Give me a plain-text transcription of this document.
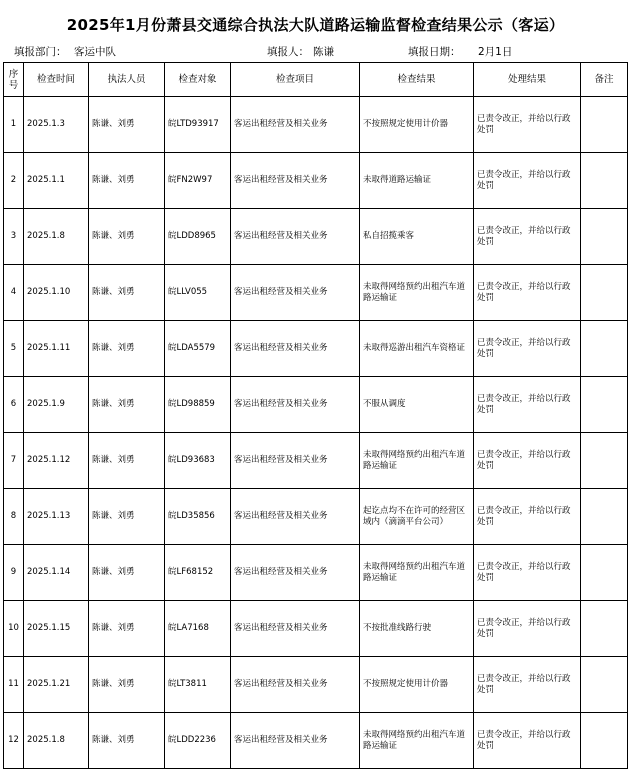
2025年1月份萧县交通综合执法大队道路运输监督检查结果公示（客运）
填报部门： 客运中队	填报人： 陈谦	填报日期： 2月1日
序号	检查时间	执法人员	检查对象	检查项目	检查结果	处理结果	备注
1	2025.1.3	陈谦、刘勇	皖LTD93917	客运出租经营及相关业务	不按照规定使用计价器	已责令改正，并给以行政处罚	
2	2025.1.1	陈谦、刘勇	皖FN2W97	客运出租经营及相关业务	未取得道路运输证	已责令改正，并给以行政处罚	
3	2025.1.8	陈谦、刘勇	皖LDD8965	客运出租经营及相关业务	私自招揽乘客	已责令改正，并给以行政处罚	
4	2025.1.10	陈谦、刘勇	皖LLV055	客运出租经营及相关业务	未取得网络预约出租汽车道路运输证	已责令改正，并给以行政处罚	
5	2025.1.11	陈谦、刘勇	皖LDA5579	客运出租经营及相关业务	未取得巡游出租汽车资格证	已责令改正，并给以行政处罚	
6	2025.1.9	陈谦、刘勇	皖LD98859	客运出租经营及相关业务	不服从调度	已责令改正，并给以行政处罚	
7	2025.1.12	陈谦、刘勇	皖LD93683	客运出租经营及相关业务	未取得网络预约出租汽车道路运输证	已责令改正，并给以行政处罚	
8	2025.1.13	陈谦、刘勇	皖LD35856	客运出租经营及相关业务	起讫点均不在许可的经营区域内（滴滴平台公司）	已责令改正，并给以行政处罚	
9	2025.1.14	陈谦、刘勇	皖LF68152	客运出租经营及相关业务	未取得网络预约出租汽车道路运输证	已责令改正，并给以行政处罚	
10	2025.1.15	陈谦、刘勇	皖LA7168	客运出租经营及相关业务	不按批准线路行驶	已责令改正，并给以行政处罚	
11	2025.1.21	陈谦、刘勇	皖LT3811	客运出租经营及相关业务	不按照规定使用计价器	已责令改正，并给以行政处罚	
12	2025.1.8	陈谦、刘勇	皖LDD2236	客运出租经营及相关业务	未取得网络预约出租汽车道路运输证	已责令改正，并给以行政处罚	
